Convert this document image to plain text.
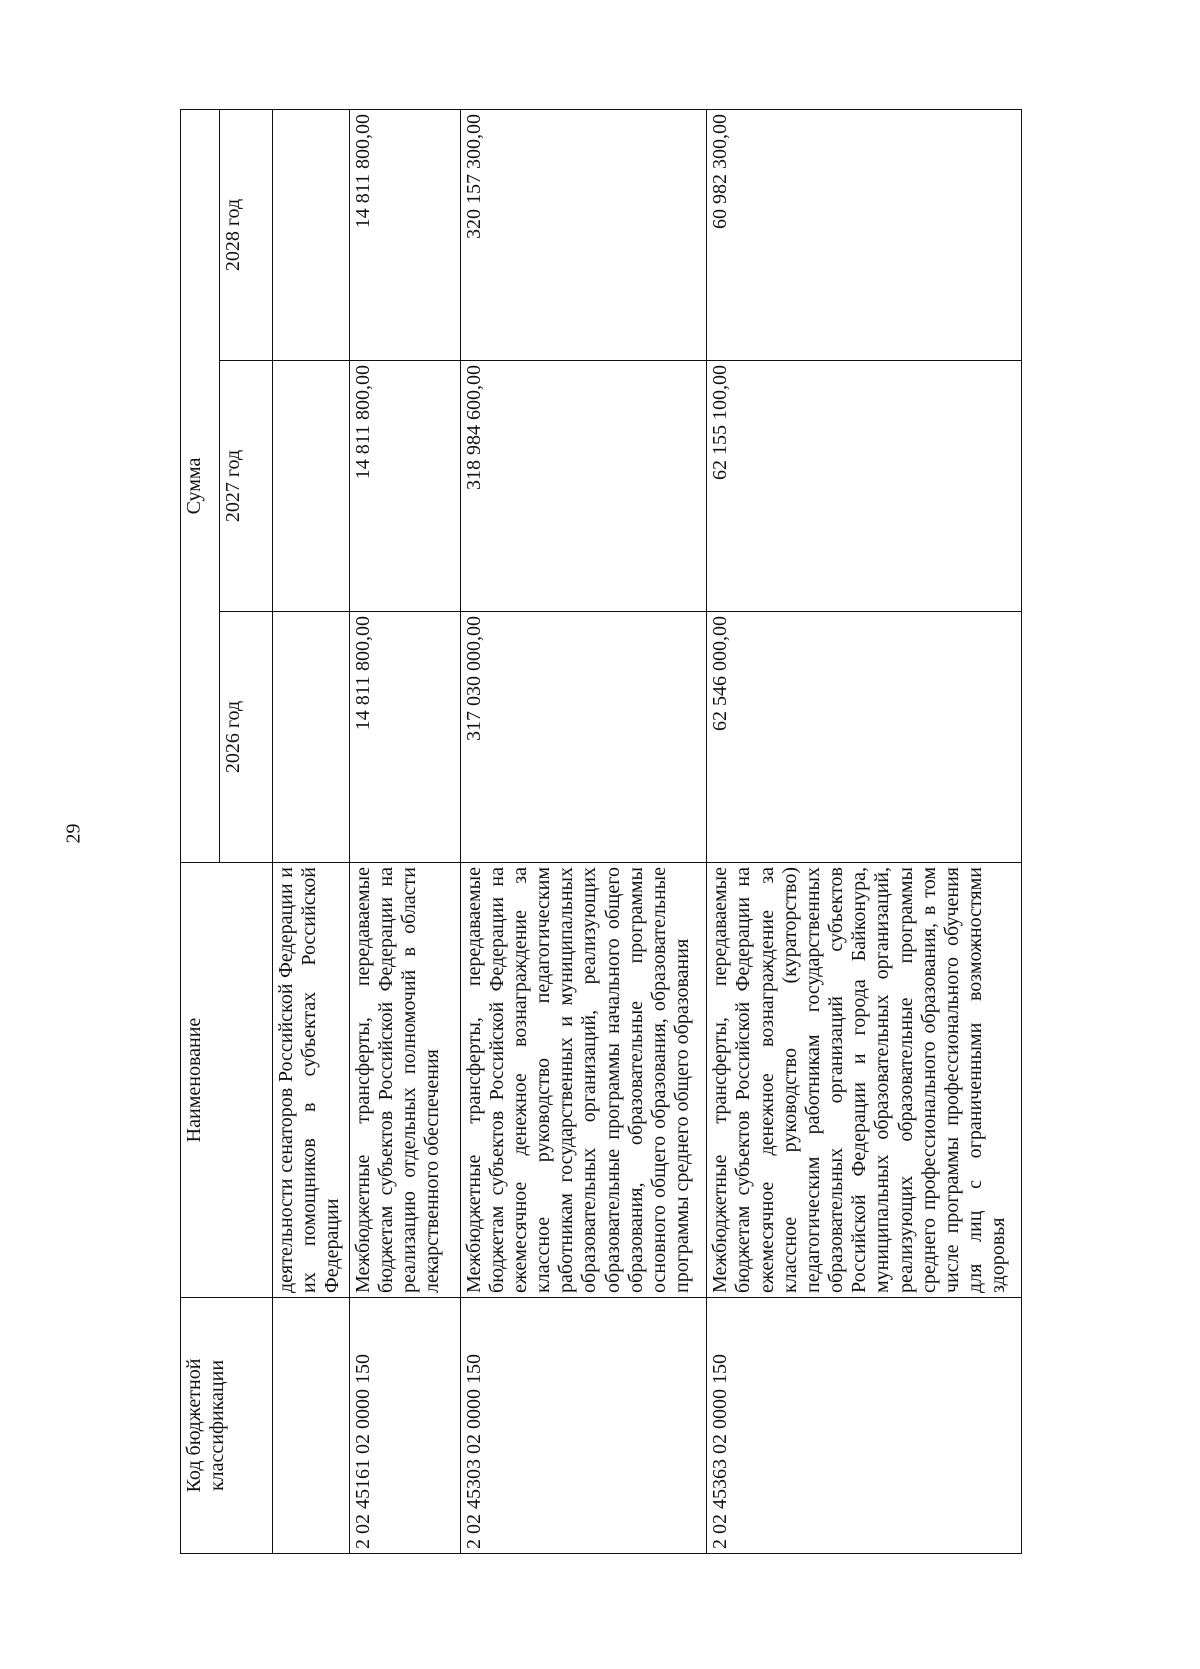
29
Код бюджетной классификации	Наименование	Сумма		
		2026 год	2027 год	2028 год
	деятельности сенаторов Российской Федерации и их помощников в субъектах Российской Федерации			
2 02 45161 02 0000 150	Межбюджетные трансферты, передаваемые бюджетам субъектов Российской Федерации на реализацию отдельных полномочий в области лекарственного обеспечения	14 811 800,00	14 811 800,00	14 811 800,00
2 02 45303 02 0000 150	Межбюджетные трансферты, передаваемые бюджетам субъектов Российской Федерации на ежемесячное денежное вознаграждение за классное руководство педагогическим работникам государственных и муниципальных образовательных организаций, реализующих образовательные программы начального общего образования, образовательные программы основного общего образования, образовательные программы среднего общего образования	317 030 000,00	318 984 600,00	320 157 300,00
2 02 45363 02 0000 150	Межбюджетные трансферты, передаваемые бюджетам субъектов Российской Федерации на ежемесячное денежное вознаграждение за классное руководство (кураторство) педагогическим работникам государственных образовательных организаций субъектов Российской Федерации и города Байконура, муниципальных образовательных организаций, реализующих образовательные программы среднего профессионального образования, в том числе программы профессионального обучения для лиц с ограниченными возможностями здоровья	62 546 000,00	62 155 100,00	60 982 300,00
